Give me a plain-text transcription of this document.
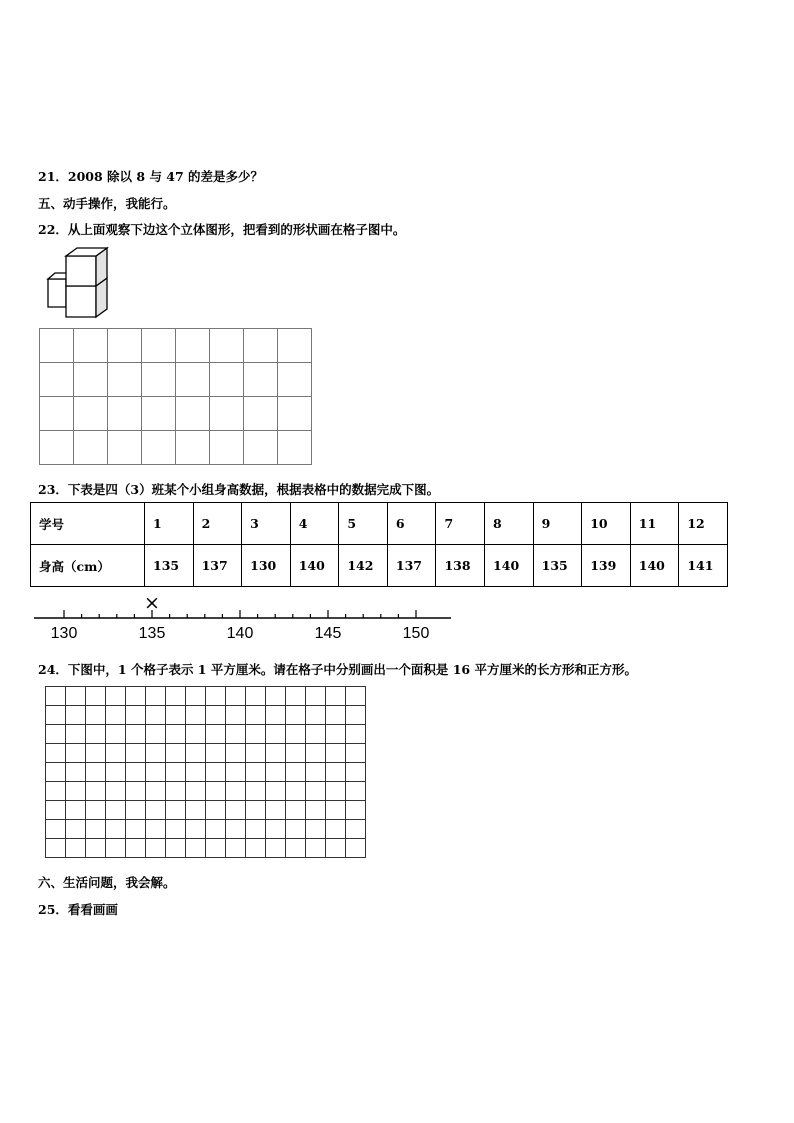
21．2008 除以 8 与 47 的差是多少？
五、动手操作，我能行。
22．从上面观察下边这个立体图形，把看到的形状画在格子图中。

23．下表是四（3）班某个小组身高数据，根据表格中的数据完成下图。
学号	1	2	3	4	5	6	7	8	9	10	11	12
身高（cm）	135	137	130	140	142	137	138	140	135	139	140	141
130	135	140	145	150
×
24．下图中，1 个格子表示 1 平方厘米。请在格子中分别画出一个面积是 16 平方厘米的长方形和正方形。

六、生活问题，我会解。
25．看看画画
